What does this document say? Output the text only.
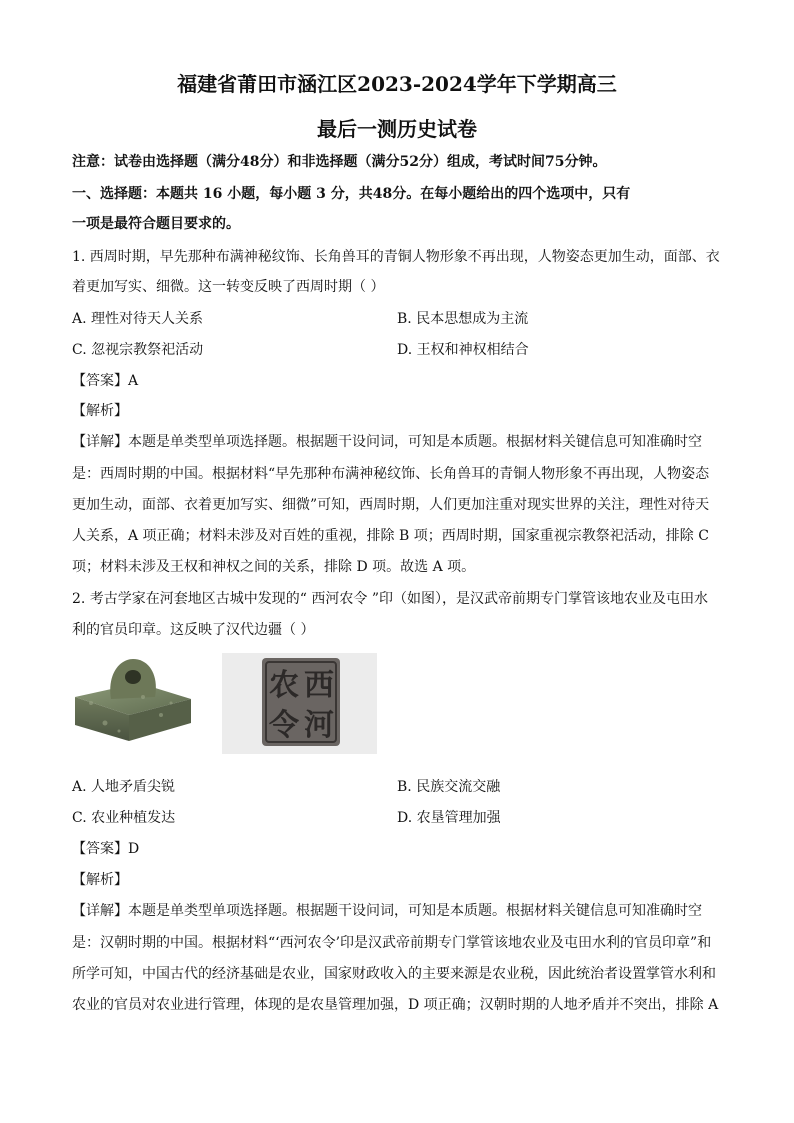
福建省莆田市涵江区2023-2024学年下学期高三
最后一测历史试卷
注意：试卷由选择题（满分48分）和非选择题（满分52分）组成，考试时间75分钟。
一、选择题：本题共 16 小题，每小题 3 分，共48分。在每小题给出的四个选项中，只有
一项是最符合题目要求的。
1. 西周时期，早先那种布满神秘纹饰、长角兽耳的青铜人物形象不再出现，人物姿态更加生动，面部、衣
着更加写实、细微。这一转变反映了西周时期（ ）
A. 理性对待天人关系	B. 民本思想成为主流
C. 忽视宗教祭祀活动	D. 王权和神权相结合
【答案】A
【解析】
【详解】本题是单类型单项选择题。根据题干设问词，可知是本质题。根据材料关键信息可知准确时空
是：西周时期的中国。根据材料“早先那种布满神秘纹饰、长角兽耳的青铜人物形象不再出现，人物姿态
更加生动，面部、衣着更加写实、细微”可知，西周时期，人们更加注重对现实世界的关注，理性对待天
人关系，A 项正确；材料未涉及对百姓的重视，排除 B 项；西周时期，国家重视宗教祭祀活动，排除 C
项；材料未涉及王权和神权之间的关系，排除 D 项。故选 A 项。
2. 考古学家在河套地区古城中发现的“ 西河农令 ”印（如图），是汉武帝前期专门掌管该地农业及屯田水
利的官员印章。这反映了汉代边疆（ ）
西
河
农
令
A. 人地矛盾尖锐	B. 民族交流交融
C. 农业种植发达	D. 农垦管理加强
【答案】D
【解析】
【详解】本题是单类型单项选择题。根据题干设问词，可知是本质题。根据材料关键信息可知准确时空
是：汉朝时期的中国。根据材料“‘西河农令’印是汉武帝前期专门掌管该地农业及屯田水利的官员印章”和
所学可知，中国古代的经济基础是农业，国家财政收入的主要来源是农业税，因此统治者设置掌管水利和
农业的官员对农业进行管理，体现的是农垦管理加强，D 项正确；汉朝时期的人地矛盾并不突出，排除 A
